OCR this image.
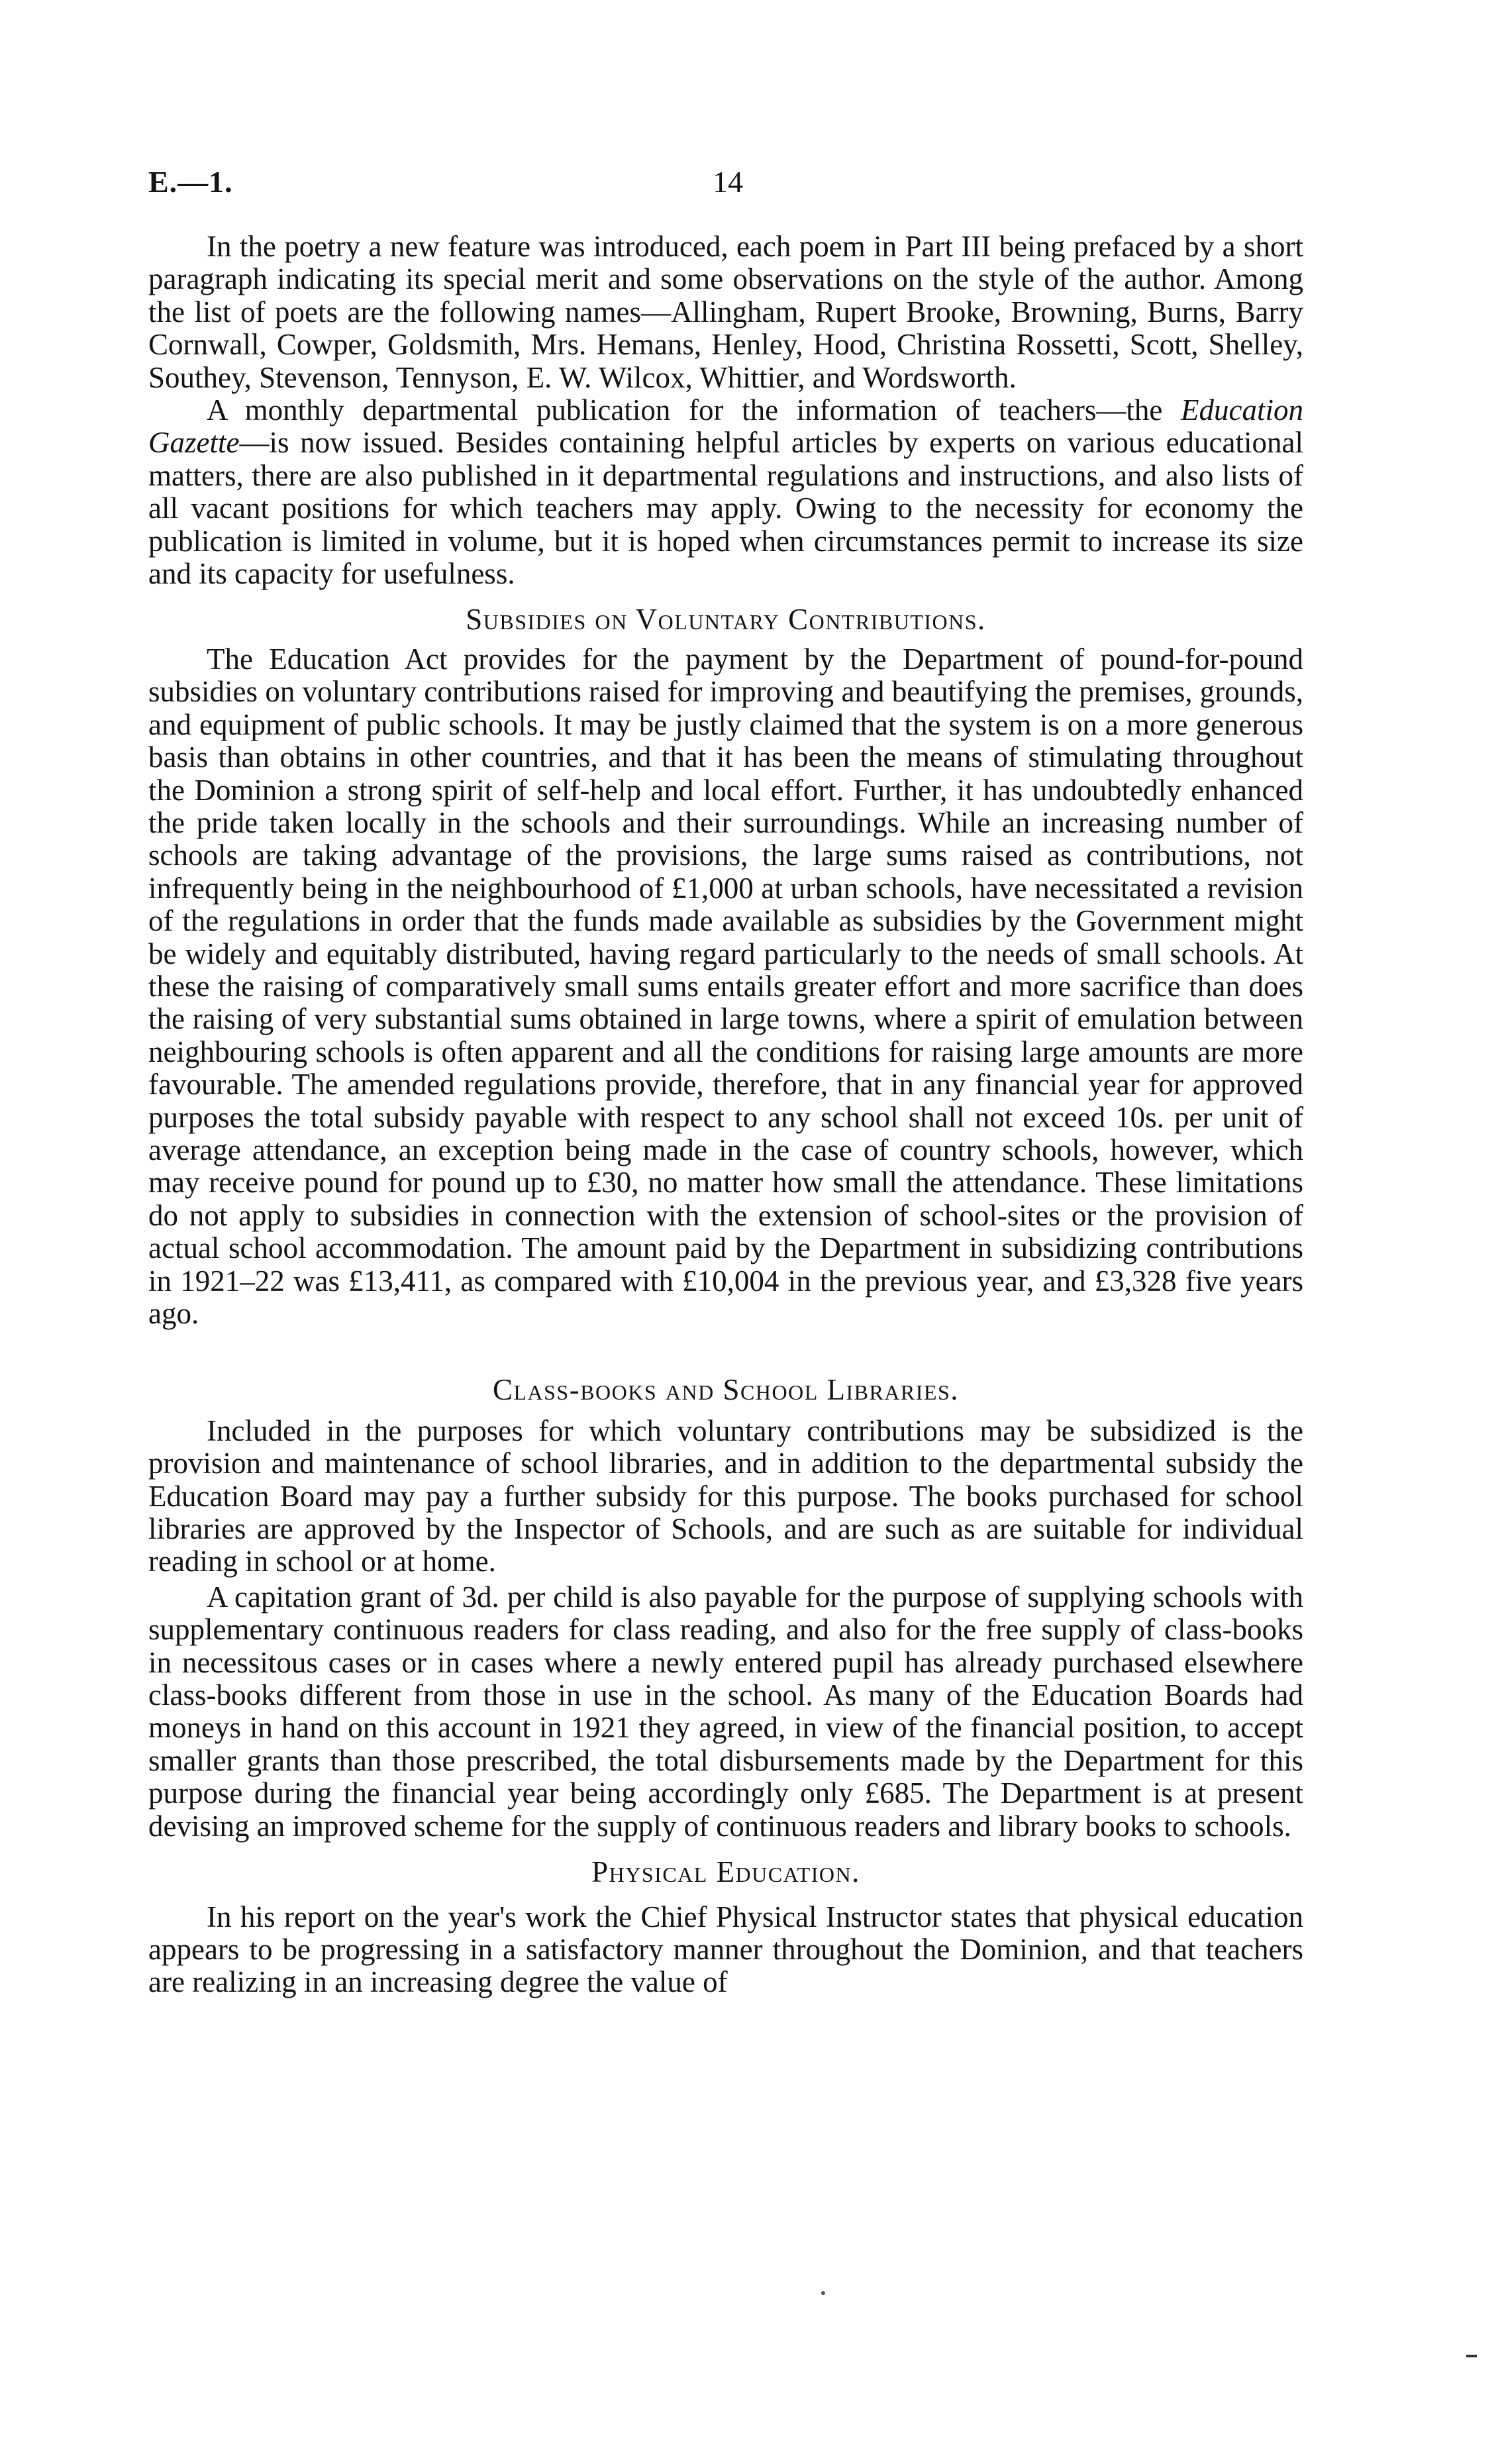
E.—1.	14

In the poetry a new feature was introduced, each poem in Part III being prefaced by a short paragraph indicating its special merit and some observations on the style of the author. Among the list of poets are the following names—Allingham, Rupert Brooke, Browning, Burns, Barry Cornwall, Cowper, Goldsmith, Mrs. Hemans, Henley, Hood, Christina Rossetti, Scott, Shelley, Southey, Stevenson, Tennyson, E. W. Wilcox, Whittier, and Wordsworth.

A monthly departmental publication for the information of teachers—the Education Gazette—is now issued. Besides containing helpful articles by experts on various educational matters, there are also published in it departmental regulations and instructions, and also lists of all vacant positions for which teachers may apply. Owing to the necessity for economy the publication is limited in volume, but it is hoped when circumstances permit to increase its size and its capacity for usefulness.

Subsidies on Voluntary Contributions.

The Education Act provides for the payment by the Department of pound-for-pound subsidies on voluntary contributions raised for improving and beautifying the premises, grounds, and equipment of public schools. It may be justly claimed that the system is on a more generous basis than obtains in other countries, and that it has been the means of stimulating throughout the Dominion a strong spirit of self-help and local effort. Further, it has undoubtedly enhanced the pride taken locally in the schools and their surroundings. While an increasing number of schools are taking advantage of the provisions, the large sums raised as contributions, not infrequently being in the neighbourhood of £1,000 at urban schools, have necessitated a revision of the regulations in order that the funds made available as subsidies by the Government might be widely and equitably distributed, having regard particularly to the needs of small schools. At these the raising of comparatively small sums entails greater effort and more sacrifice than does the raising of very substantial sums obtained in large towns, where a spirit of emulation between neighbouring schools is often apparent and all the conditions for raising large amounts are more favourable. The amended regulations provide, therefore, that in any financial year for approved purposes the total subsidy payable with respect to any school shall not exceed 10s. per unit of average attendance, an exception being made in the case of country schools, however, which may receive pound for pound up to £30, no matter how small the attendance. These limitations do not apply to subsidies in connection with the extension of school-sites or the provision of actual school accommodation. The amount paid by the Department in subsidizing contributions in 1921–22 was £13,411, as compared with £10,004 in the previous year, and £3,328 five years ago.

Class-books and School Libraries.

Included in the purposes for which voluntary contributions may be subsidized is the provision and maintenance of school libraries, and in addition to the departmental subsidy the Education Board may pay a further subsidy for this purpose. The books purchased for school libraries are approved by the Inspector of Schools, and are such as are suitable for individual reading in school or at home.

A capitation grant of 3d. per child is also payable for the purpose of supplying schools with supplementary continuous readers for class reading, and also for the free supply of class-books in necessitous cases or in cases where a newly entered pupil has already purchased elsewhere class-books different from those in use in the school. As many of the Education Boards had moneys in hand on this account in 1921 they agreed, in view of the financial position, to accept smaller grants than those prescribed, the total disbursements made by the Department for this purpose during the financial year being accordingly only £685. The Department is at present devising an improved scheme for the supply of continuous readers and library books to schools.

Physical Education.

In his report on the year's work the Chief Physical Instructor states that physical education appears to be progressing in a satisfactory manner throughout the Dominion, and that teachers are realizing in an increasing degree the value of
